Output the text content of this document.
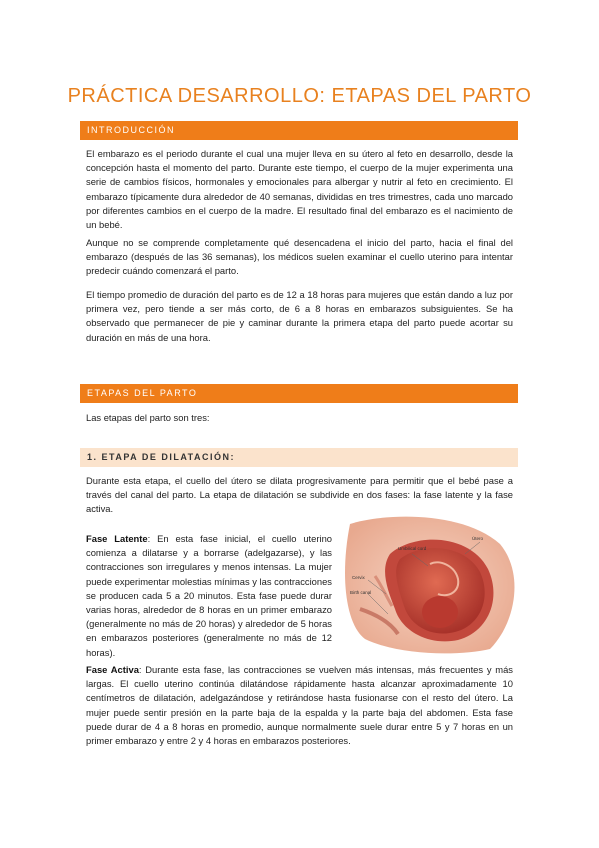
PRÁCTICA DESARROLLO: ETAPAS DEL PARTO
INTRODUCCIÓN

El embarazo es el periodo durante el cual una mujer lleva en su útero al feto en desarrollo, desde la concepción hasta el momento del parto. Durante este tiempo, el cuerpo de la mujer experimenta una serie de cambios físicos, hormonales y emocionales para albergar y nutrir al feto en crecimiento. El embarazo típicamente dura alrededor de 40 semanas, divididas en tres trimestres, cada uno marcado por diferentes cambios en el cuerpo de la madre. El resultado final del embarazo es el nacimiento de un bebé.

Aunque no se comprende completamente qué desencadena el inicio del parto, hacia el final del embarazo (después de las 36 semanas), los médicos suelen examinar el cuello uterino para intentar predecir cuándo comenzará el parto.

El tiempo promedio de duración del parto es de 12 a 18 horas para mujeres que están dando a luz por primera vez, pero tiende a ser más corto, de 6 a 8 horas en embarazos subsiguientes. Se ha observado que permanecer de pie y caminar durante la primera etapa del parto puede acortar su duración en más de una hora.

ETAPAS DEL PARTO

Las etapas del parto son tres:

1. ETAPA DE DILATACIÓN:

Durante esta etapa, el cuello del útero se dilata progresivamente para permitir que el bebé pase a través del canal del parto. La etapa de dilatación se subdivide en dos fases: la fase latente y la fase activa.

Fase Latente: En esta fase inicial, el cuello uterino comienza a dilatarse y a borrarse (adelgazarse), y las contracciones son irregulares y menos intensas. La mujer puede experimentar molestias mínimas y las contracciones se producen cada 5 a 20 minutos. Esta fase puede durar varias horas, alrededor de 8 horas en un primer embarazo (generalmente no más de 20 horas) y alrededor de 5 horas en embarazos posteriores (generalmente no más de 12 horas).

Útero
Umbilical cord
Cervix
Birth canal

Fase Activa: Durante esta fase, las contracciones se vuelven más intensas, más frecuentes y más largas. El cuello uterino continúa dilatándose rápidamente hasta alcanzar aproximadamente 10 centímetros de dilatación, adelgazándose y retirándose hasta fusionarse con el resto del útero. La mujer puede sentir presión en la parte baja de la espalda y la parte baja del abdomen. Esta fase puede durar de 4 a 8 horas en promedio, aunque normalmente suele durar entre 5 y 7 horas en un primer embarazo y entre 2 y 4 horas en embarazos posteriores.
